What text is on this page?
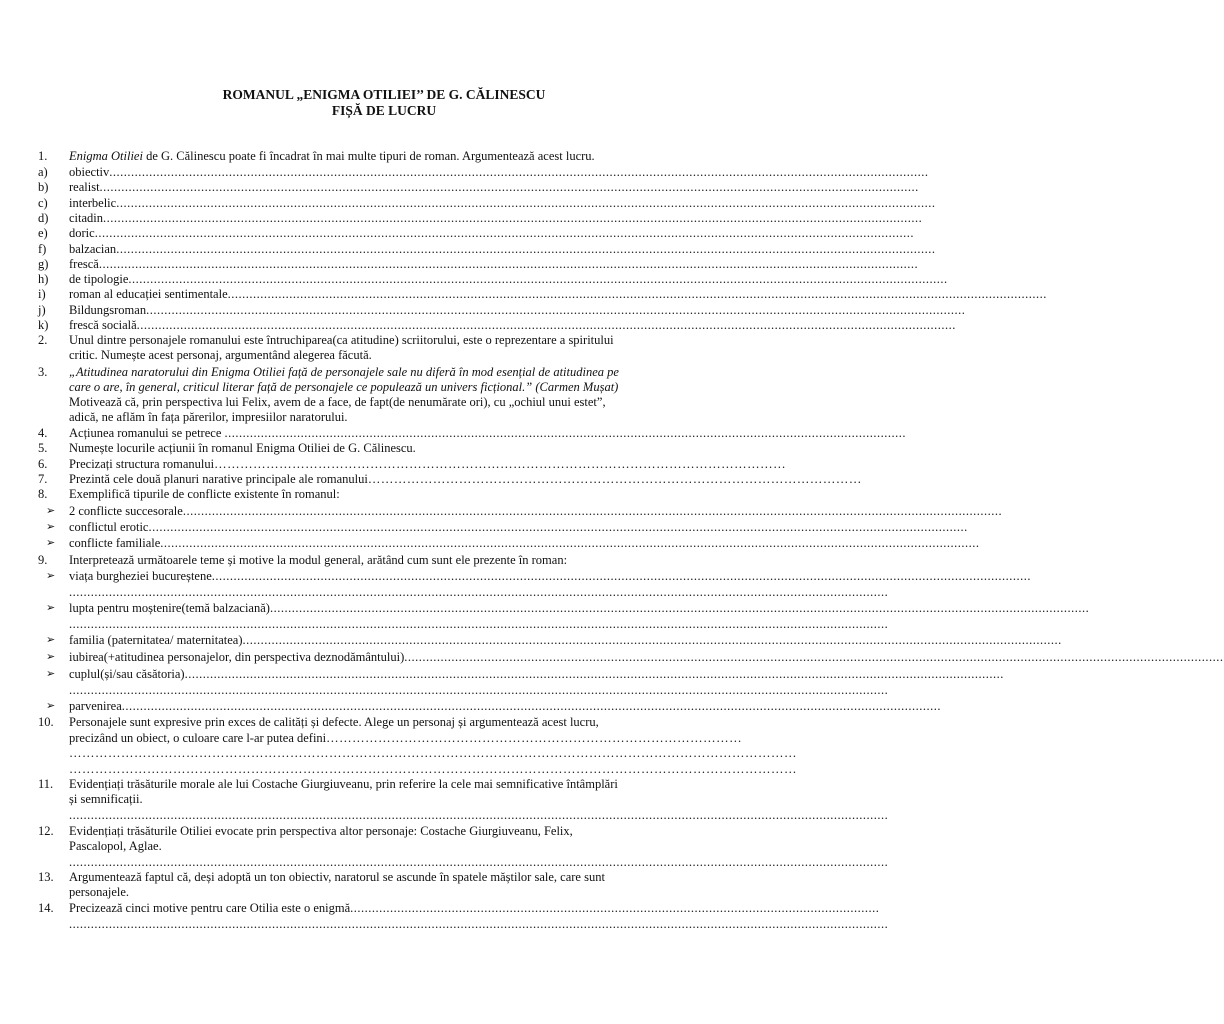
ROMANUL „ENIGMA OTILIEI’’ DE G. CĂLINESCU
FIȘĂ DE LUCRU
1.	Enigma Otiliei de G. Călinescu poate fi încadrat în mai multe tipuri de roman. Argumentează acest lucru.
a)	obiectiv..................................................................................................................................................................................................................................
b)	realist..................................................................................................................................................................................................................................
c)	interbelic..................................................................................................................................................................................................................................
d)	citadin..................................................................................................................................................................................................................................
e)	doric..................................................................................................................................................................................................................................
f)	balzacian..................................................................................................................................................................................................................................
g)	frescă..................................................................................................................................................................................................................................
h)	de tipologie..................................................................................................................................................................................................................................
i)	roman al educației sentimentale..................................................................................................................................................................................................................................
j)	Bildungsroman..................................................................................................................................................................................................................................
k)	frescă socială..................................................................................................................................................................................................................................
2.	Unul dintre personajele romanului este întruchiparea(ca atitudine) scriitorului, este o reprezentare a spiritului
critic. Numește acest personaj, argumentând alegerea făcută.
3.	„Atitudinea naratorului din Enigma Otiliei față de personajele sale nu diferă în mod esențial de atitudinea pe
care o are, în general, criticul literar față de personajele ce populează un univers ficțional.” (Carmen Mușat)
Motivează că, prin perspectiva lui Felix, avem de a face, de fapt(de nenumărate ori), cu „ochiul unui estet”,
adică, ne aflăm în fața părerilor, impresiilor naratorului.
4.	Acțiunea romanului se petrece ............................................................................................................................................................................................
5.	Numește locurile acțiunii în romanul Enigma Otiliei de G. Călinescu.
6.	Precizați structura romanului……………………………………………………………………………………………………………………
7.	Prezintă cele două planuri narative principale ale romanului……………………………………………………………………………………………………
8.	Exemplifică tipurile de conflicte existente în romanul:
➢ 2 conflicte succesorale..................................................................................................................................................................................................................................
➢ conflictul erotic..................................................................................................................................................................................................................................
➢ conflicte familiale..................................................................................................................................................................................................................................
9.	Interpretează următoarele teme și motive la modul general, arătând cum sunt ele prezente în roman:
➢ viața burgheziei bucureștene..................................................................................................................................................................................................................................
..................................................................................................................................................................................................................................
➢ lupta pentru moștenire(temă balzaciană)..................................................................................................................................................................................................................................
..................................................................................................................................................................................................................................
➢ familia (paternitatea/ maternitatea)..................................................................................................................................................................................................................................
➢ iubirea(+atitudinea personajelor, din perspectiva deznodământului)..................................................................................................................................................................................................................................
➢ cuplul(și/sau căsătoria)..................................................................................................................................................................................................................................
..................................................................................................................................................................................................................................
➢ parvenirea..................................................................................................................................................................................................................................
10.	Personajele sunt expresive prin exces de calități și defecte. Alege un personaj și argumentează acest lucru,
precizând un obiect, o culoare care l-ar putea defini……………………………………………………………………………………
……………………………………………………………………………………………………………………………………………………
……………………………………………………………………………………………………………………………………………………
11.	Evidențiați trăsăturile morale ale lui Costache Giurgiuveanu, prin referire la cele mai semnificative întâmplări
și semnificații.
..................................................................................................................................................................................................................................
12.	Evidențiați trăsăturile Otiliei evocate prin perspectiva altor personaje: Costache Giurgiuveanu, Felix,
Pascalopol, Aglae.
..................................................................................................................................................................................................................................
13.	Argumentează faptul că, deși adoptă un ton obiectiv, naratorul se ascunde în spatele măștilor sale, care sunt
personajele.
14.	Precizează cinci motive pentru care Otilia este o enigmă..................................................................................................................................................
..................................................................................................................................................................................................................................
